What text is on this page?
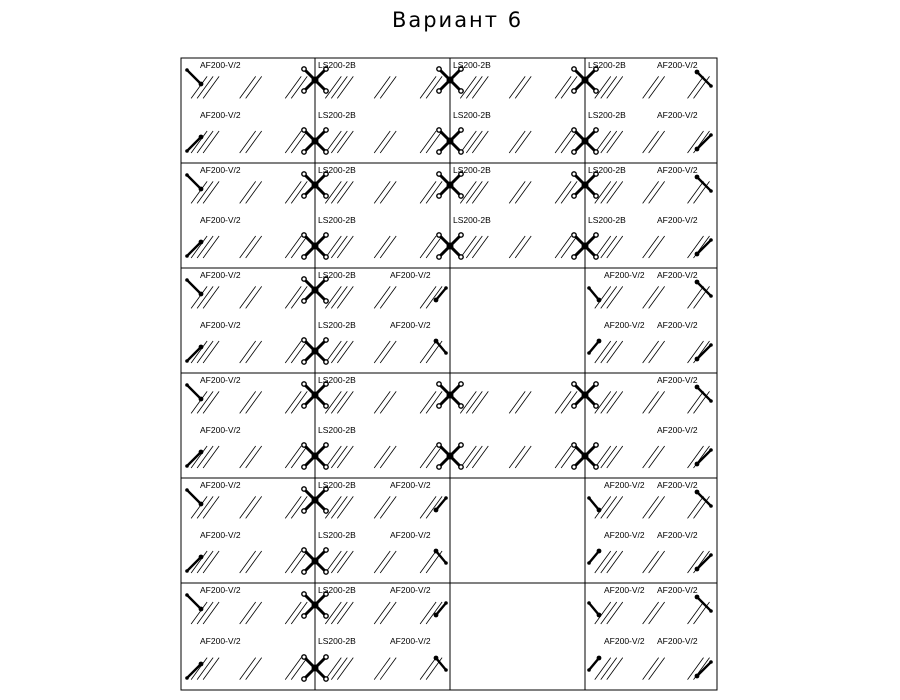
Вариант 6
AF200-V/2
AF200-V/2
LS200-2B
LS200-2B
LS200-2B
LS200-2B
LS200-2B
LS200-2B
AF200-V/2
AF200-V/2
AF200-V/2
AF200-V/2
LS200-2B
LS200-2B
LS200-2B
LS200-2B
LS200-2B
LS200-2B
AF200-V/2
AF200-V/2
AF200-V/2
AF200-V/2
LS200-2B
LS200-2B
AF200-V/2
AF200-V/2
AF200-V/2
AF200-V/2
AF200-V/2
AF200-V/2
AF200-V/2
AF200-V/2
LS200-2B
LS200-2B
AF200-V/2
AF200-V/2
AF200-V/2
AF200-V/2
LS200-2B
LS200-2B
AF200-V/2
AF200-V/2
AF200-V/2
AF200-V/2
AF200-V/2
AF200-V/2
AF200-V/2
AF200-V/2
LS200-2B
LS200-2B
AF200-V/2
AF200-V/2
AF200-V/2
AF200-V/2
AF200-V/2
AF200-V/2
